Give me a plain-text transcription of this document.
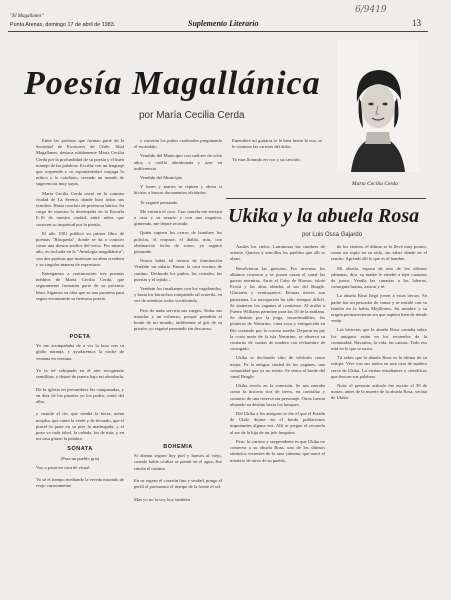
6/9419
"El Magallanes"
Punta Arenas, domingo 17 de abril de 1983.	Suplemento Literario	13
Poesía Magallánica
por María Cecilia Cerda
Marta Cecilia Cerda

Entre las poetisas que forman parte de la Sociedad de Escritores de Chile, filial Magallanes, destaca nítidamente María Cecilia Cerda por la profundidad de su poesía y el buen manejo de las palabras. Escribe con un lenguaje que sorprende y su espontaneidad conjuga lo mítico y lo cotidiano, creando un mundo de sugerencias muy suyas.

Marta Cecilia Cerda nació en la comuna ciudad de La Serena, donde hizo todos sus estudios. Hasta concluir de profesora básica. Su cargo de maestra lo desempeña en la Escuela E.16 de nuestra ciudad, entre niños que conocen su inquietud por la poesía.

El año 1981 publicó su primer libro de poemas "Búsqueda", donde se da a conocer como una diestra artífice del verso. Por mismo año, es incluida en la "Antología magallánica", con dos poemas que muestran su alma creadora y su singular manera de expresarse.

Entregamos a continuación tres poemas inéditos de María Cecilia Cerda, que seguramente formarán parte de su próximo libro. Sigamos su obra que es una promesa para seguir encauzando su hermosa poesía.

POETA
Yo me acompañaba de a ver la luna con su globo naranja, y ayudaremos la noche de ventana en ventana.

Yo la iré cobijando en el aire recogiendo semillitas, y dejaré de puerta bajo mi almohada.

De la iglesia en presumbres las campanadas, y en diez de los puentes yo los podrá, contó del alba.

y cuando el río, que vendía la tierra, arena mojaba, que canto la verde y de fecundo, que el pincel la pone en su pies la madrugada, y el pozo va cada árbol, la cañada, los de más, y en mi casa gimen la palabra.
SONATA
(Para un pueblo gris)
Voy a pasar en casa de visual.

Yo sé el tiempo mediando la vereda mirando de reojo curiosamente

y correrán los puños cardenales pregonando el escándalo.

Vendido del Municipio con sudores de ocho años, y carilla almidonada y azor en indiferencia

Vendido del Municipio

Y lunes y martes se repiten y ahora sí hiciste, a buscar documentos olvidados.

Te seguiré pensando.

Me enciará el coro. Con cautela me enviará a casa y su rosario y con una negativa, gimiendo, me dejaré recaudo.

Quién supiera los cerros de hombres los policías, el reajuste, el diablo. más, con obstinación fecha de sonro, yo seguiré pensando.

Nunca había tal tersura de iluminación Vendido un salario Pausar la casa encima de camino. Desborde los puños, los cristales, las puertas y el tejado...

Vendrán los insultantes con los vagabundos, y hasta los borrachos rompiendo tal acuerdo, en vez de mientras todos vociferando.

Pero de nada serviría sus ruegos, Todas sus miradas y un esfuerzo, porque prendida al borde de mi mundo, indiferente al grit de su prisión, yo seguiré pensando sin descanso.

BOHEMIA
Si alienta seguro hoy piel y huesos al viejo, cuando hable ocultar se pierde en el agua, Ese rincón el camino.

En su regazo el corazón lino y verdad, pongo el perfil el pavimento el tiempo de la frente el sol.

Mas yo no la voy hoy tambien
Entenderé mi guitarra se le bien fuerte la voz, se le ceramos las caricias del dolor.

Yo mas llorando en voz y su canción.
Ukika y la abuela Rosa
por Luis Ossa Gajardo

Azules los cielos. Luminosas las cumbres de oriente. Quietos y sencillos los pueblos que allí se alzan.

Resolvieron las gaviotas. Por invernar los albatros cruzaron y se ponen cazan el canal las garzas mientras. Atrás el Cabo de Hornos, islote Evout y las altas oleadas al sur del Beagle. Glaciares y ventisqueros. Eternas nieves son panorama. La navegación ha sido siempre difícil. Se sintieron los yaganes al comienzo. Al arribo a Puerto Williams permiten para las 10 de la mañana. Se distinta por la jerga, inconfundibles, los pioneros de Navarino, cima roca y enriquecida en Río cortando por la corona sureña. Dejaron en pie la costa norte de la isla Navarino, se observa su contorno de casitas de madera con techumbre de corrugado.

Ukika se declarado sitio de vehículo como mejor. Es la antigua ciudad de los yaganes, una comunidad que ya no existe. Se ubica al borde del canal Beagle.

Ukika revelo en la conexión. Se nos narraba como la historia rica de tierra, en contraluz y contacto de una reserva sin personaje. Otros fueron alejando su destino hacia los bosques.

Del Ukika a los antiguos se dio el que el Estado de Chile dejase en el borde poblaciones importantes alguna vez. Allí se yergue el recuerdo al sur de la hija de un jefe fueguino.

Pero, lo curioso y sorprendente es que Ukika no conserva a su abuela Rosa, uno de los últimos símbolos vivientes de la raza yámana, que narró el misterio de otros de su pueblo.

de los vientos, el último se lo llevó muy pronto, como un soplo en su oído, sin saber dónde en el rancho. Aprendí allí lo que es el hambre.

Mi abuela, esposa de uno de los últimos yámanas, dijo: su madre le enseñó a tejer canastos de junco. Vendía las canastas a los loberos, conseguía harina, azúcar y té.

La abuela Rosa llegó joven a estas tierras. Su padre fue un pescador de canoa y se instaló con su familia en la bahía Mejillones. Su nombre y su origen permanecieron sin que supiera bien de dónde venía.

Las historias que la abuela Rosa contaba sobre los antiguos están en los recuerdos de la comunidad. Navarino, la vida, las canoas. Todo eso está en lo que se narra.

Tú sabes que la abuela Rosa es la última de su estirpe. Vive con sus nietos en una casa de madera cerca de Ukika. La visitan estudiantes y científicos que buscan sus palabras.

Nota: el presente artículo fue escrito el 30 de marzo, antes de la muerte de la abuela Rosa, vecina de Ukika.
